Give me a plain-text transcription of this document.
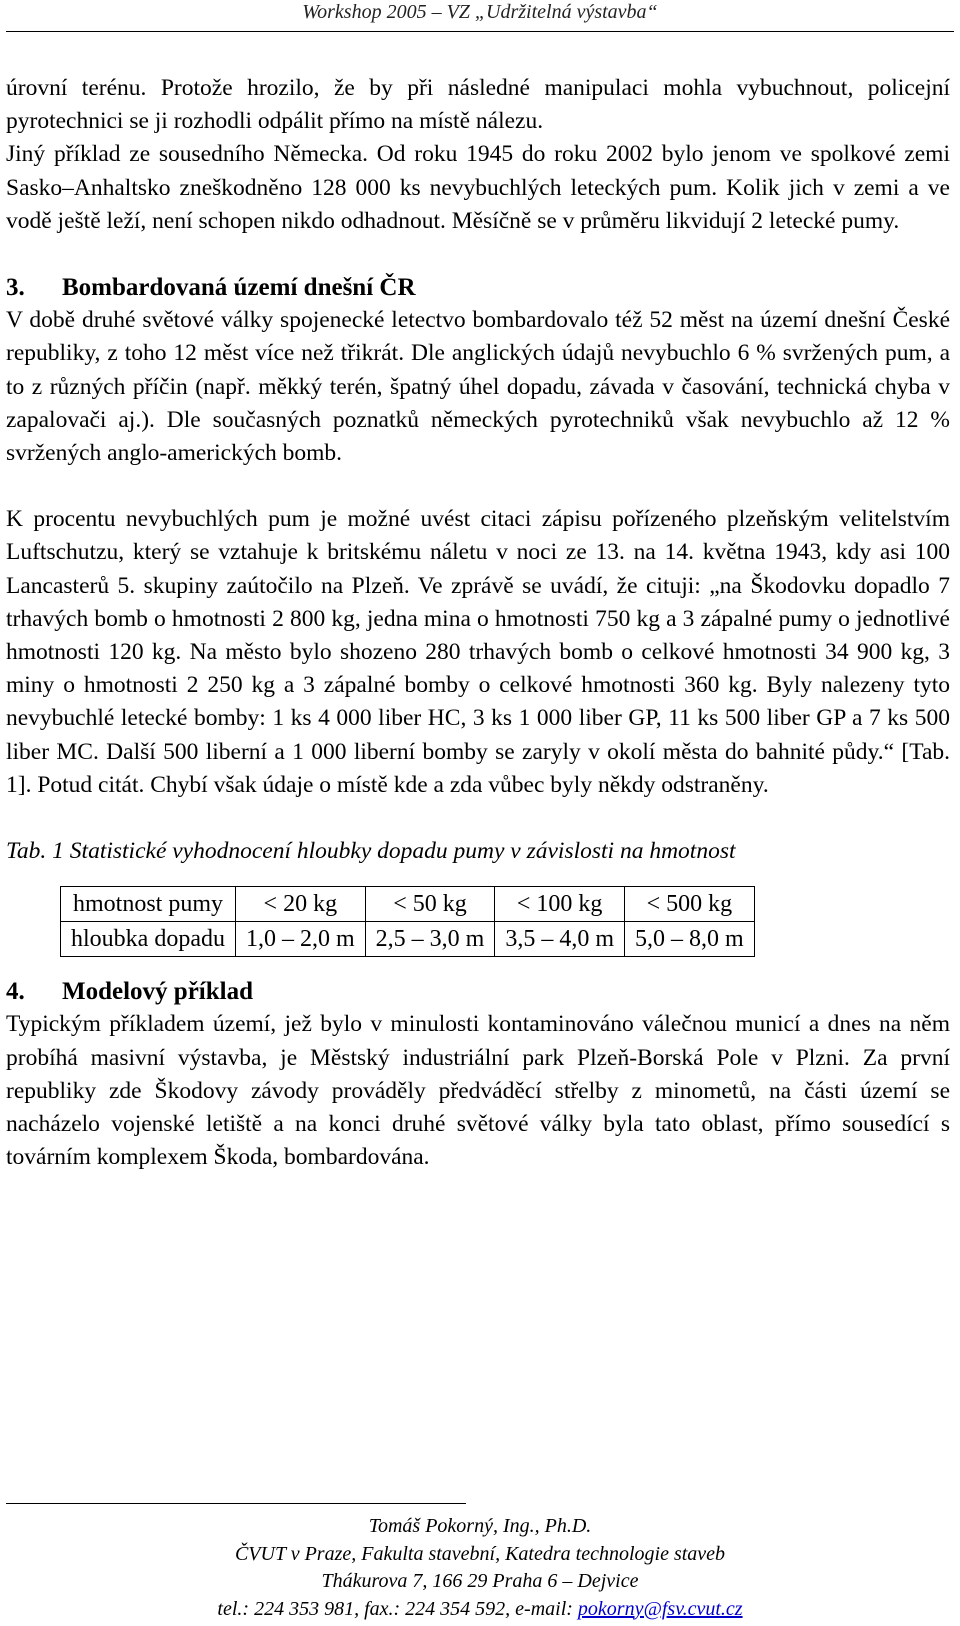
Workshop 2005 – VZ „Udržitelná výstavba“

úrovní terénu. Protože hrozilo, že by při následné manipulaci mohla vybuchnout, policejní pyrotechnici se ji rozhodli odpálit přímo na místě nálezu.

Jiný příklad ze sousedního Německa. Od roku 1945 do roku 2002 bylo jenom ve spolkové zemi Sasko–Anhaltsko zneškodněno 128 000 ks nevybuchlých leteckých pum. Kolik jich v zemi a ve vodě ještě leží, není schopen nikdo odhadnout. Měsíčně se v průměru likvidují 2 letecké pumy.

3. Bombardovaná území dnešní ČR

V době druhé světové války spojenecké letectvo bombardovalo též 52 měst na území dnešní České republiky, z toho 12 měst více než třikrát. Dle anglických údajů nevybuchlo 6 % svržených pum, a to z různých příčin (např. měkký terén, špatný úhel dopadu, závada v časování, technická chyba v zapalovači aj.). Dle současných poznatků německých pyrotechniků však nevybuchlo až 12 % svržených anglo-amerických bomb.

K procentu nevybuchlých pum je možné uvést citaci zápisu pořízeného plzeňským velitelstvím Luftschutzu, který se vztahuje k britskému náletu v noci ze 13. na 14. května 1943, kdy asi 100 Lancasterů 5. skupiny zaútočilo na Plzeň. Ve zprávě se uvádí, že cituji: „na Škodovku dopadlo 7 trhavých bomb o hmotnosti 2 800 kg, jedna mina o hmotnosti 750 kg a 3 zápalné pumy o jednotlivé hmotnosti 120 kg. Na město bylo shozeno 280 trhavých bomb o celkové hmotnosti 34 900 kg, 3 miny o hmotnosti 2 250 kg a 3 zápalné bomby o celkové hmotnosti 360 kg. Byly nalezeny tyto nevybuchlé letecké bomby: 1 ks 4 000 liber HC, 3 ks 1 000 liber GP, 11 ks 500 liber GP a 7 ks 500 liber MC. Další 500 liberní a 1 000 liberní bomby se zaryly v okolí města do bahnité půdy.“ [Tab. 1]. Potud citát. Chybí však údaje o místě kde a zda vůbec byly někdy odstraněny.

Tab. 1 Statistické vyhodnocení hloubky dopadu pumy v závislosti na hmotnost

hmotnost pumy	< 20 kg	< 50 kg	< 100 kg	< 500 kg
hloubka dopadu	1,0 – 2,0 m	2,5 – 3,0 m	3,5 – 4,0 m	5,0 – 8,0 m

4. Modelový příklad

Typickým příkladem území, jež bylo v minulosti kontaminováno válečnou municí a dnes na něm probíhá masivní výstavba, je Městský industriální park Plzeň-Borská Pole v Plzni. Za první republiky zde Škodovy závody prováděly předváděcí střelby z minometů, na části území se nacházelo vojenské letiště a na konci druhé světové války byla tato oblast, přímo sousedící s továrním komplexem Škoda, bombardována.

Tomáš Pokorný, Ing., Ph.D.
ČVUT v Praze, Fakulta stavební, Katedra technologie staveb
Thákurova 7, 166 29 Praha 6 – Dejvice
tel.: 224 353 981, fax.: 224 354 592, e-mail: pokorny@fsv.cvut.cz
